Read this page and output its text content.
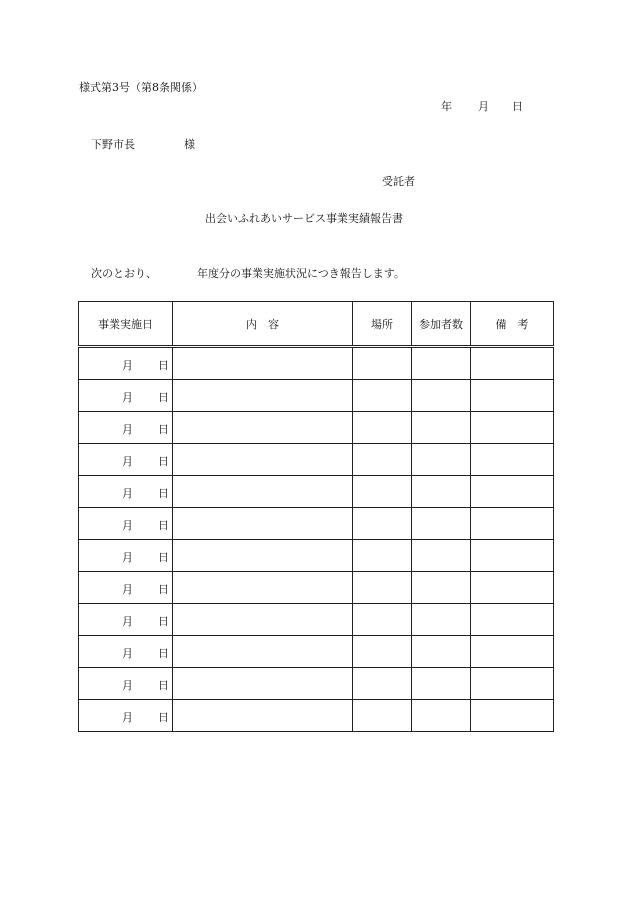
様式第3号（第8条関係）
年 月 日
下野市長	様
受託者
出会いふれあいサービス事業実績報告書
次のとおり、	年度分の事業実施状況につき報告します。
事業実施日	内　容	場所	参加者数	備　考

月 日				

月 日				

月 日				

月 日				

月 日				

月 日				

月 日				

月 日				

月 日				

月 日				

月 日				

月 日				
